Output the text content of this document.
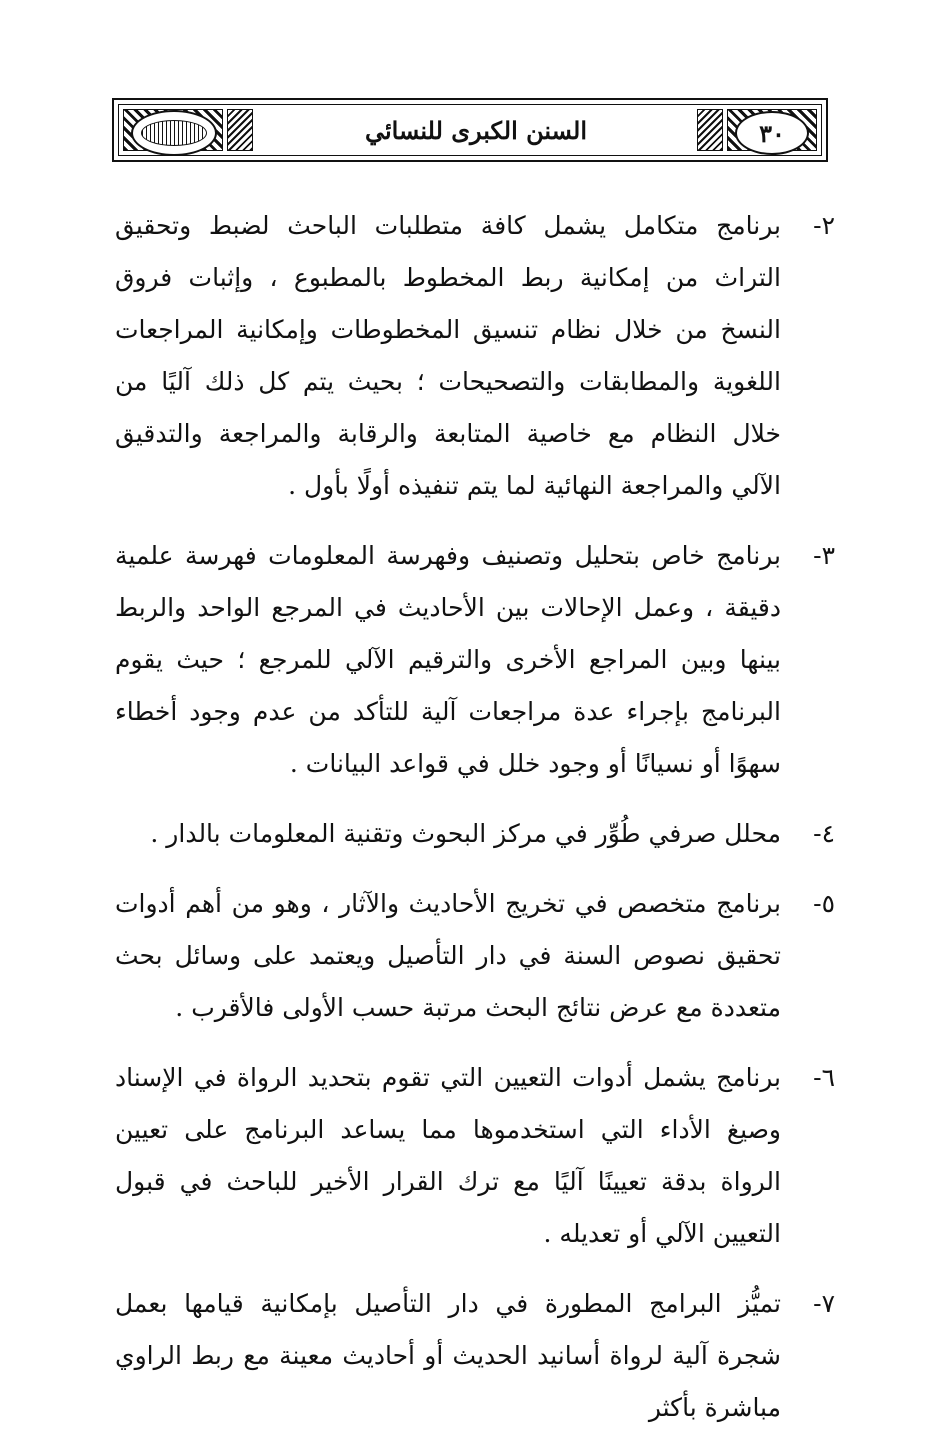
٣٠
السنن الكبرى للنسائي

٢-
برنامج متكامل يشمل كافة متطلبات الباحث لضبط وتحقيق التراث من إمكانية ربط المخطوط بالمطبوع ، وإثبات فروق النسخ من خلال نظام تنسيق المخطوطات وإمكانية المراجعات اللغوية والمطابقات والتصحيحات ؛ بحيث يتم كل ذلك آليًا من خلال النظام مع خاصية المتابعة والرقابة والمراجعة والتدقيق الآلي والمراجعة النهائية لما يتم تنفيذه أولًا بأول .

٣-
برنامج خاص بتحليل وتصنيف وفهرسة المعلومات فهرسة علمية دقيقة ، وعمل الإحالات بين الأحاديث في المرجع الواحد والربط بينها وبين المراجع الأخرى والترقيم الآلي للمرجع ؛ حيث يقوم البرنامج بإجراء عدة مراجعات آلية للتأكد من عدم وجود أخطاء سهوًا أو نسيانًا أو وجود خلل في قواعد البيانات .

٤-
محلل صرفي طُوِّر في مركز البحوث وتقنية المعلومات بالدار .

٥-
برنامج متخصص في تخريج الأحاديث والآثار ، وهو من أهم أدوات تحقيق نصوص السنة في دار التأصيل ويعتمد على وسائل بحث متعددة مع عرض نتائج البحث مرتبة حسب الأولى فالأقرب .

٦-
برنامج يشمل أدوات التعيين التي تقوم بتحديد الرواة في الإسناد وصيغ الأداء التي استخدموها مما يساعد البرنامج على تعيين الرواة بدقة تعيينًا آليًا مع ترك القرار الأخير للباحث في قبول التعيين الآلي أو تعديله .

٧-
تميُّز البرامج المطورة في دار التأصيل بإمكانية قيامها بعمل شجرة آلية لرواة أسانيد الحديث أو أحاديث معينة مع ربط الراوي مباشرة بأكثر
